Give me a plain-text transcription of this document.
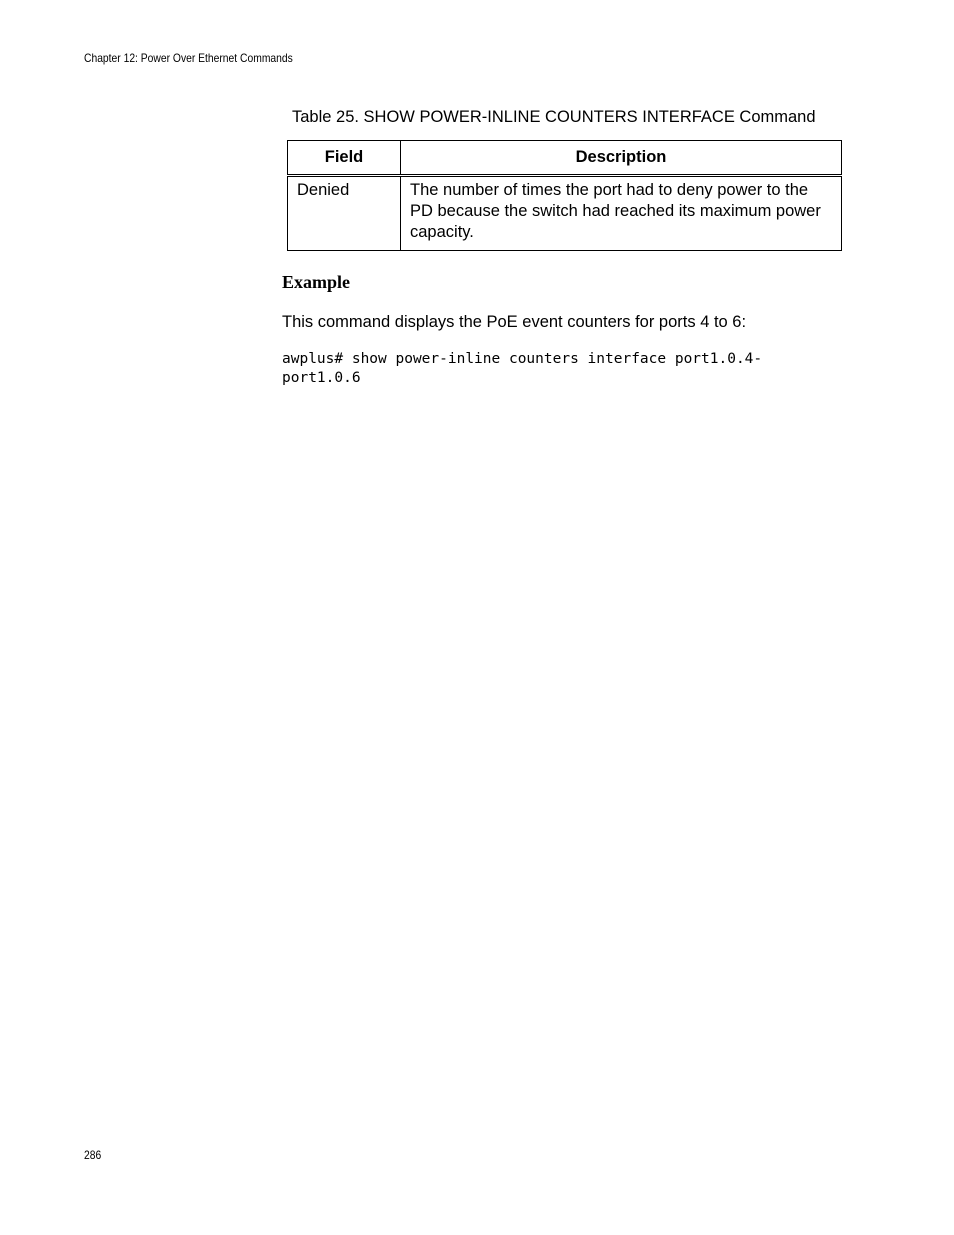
Chapter 12: Power Over Ethernet Commands
Table 25. SHOW POWER-INLINE COUNTERS INTERFACE Command
Field	Description
Denied	The number of times the port had to deny power to the PD because the switch had reached its maximum power capacity.
Example
This command displays the PoE event counters for ports 4 to 6:
awplus# show power-inline counters interface port1.0.4-
port1.0.6
286
